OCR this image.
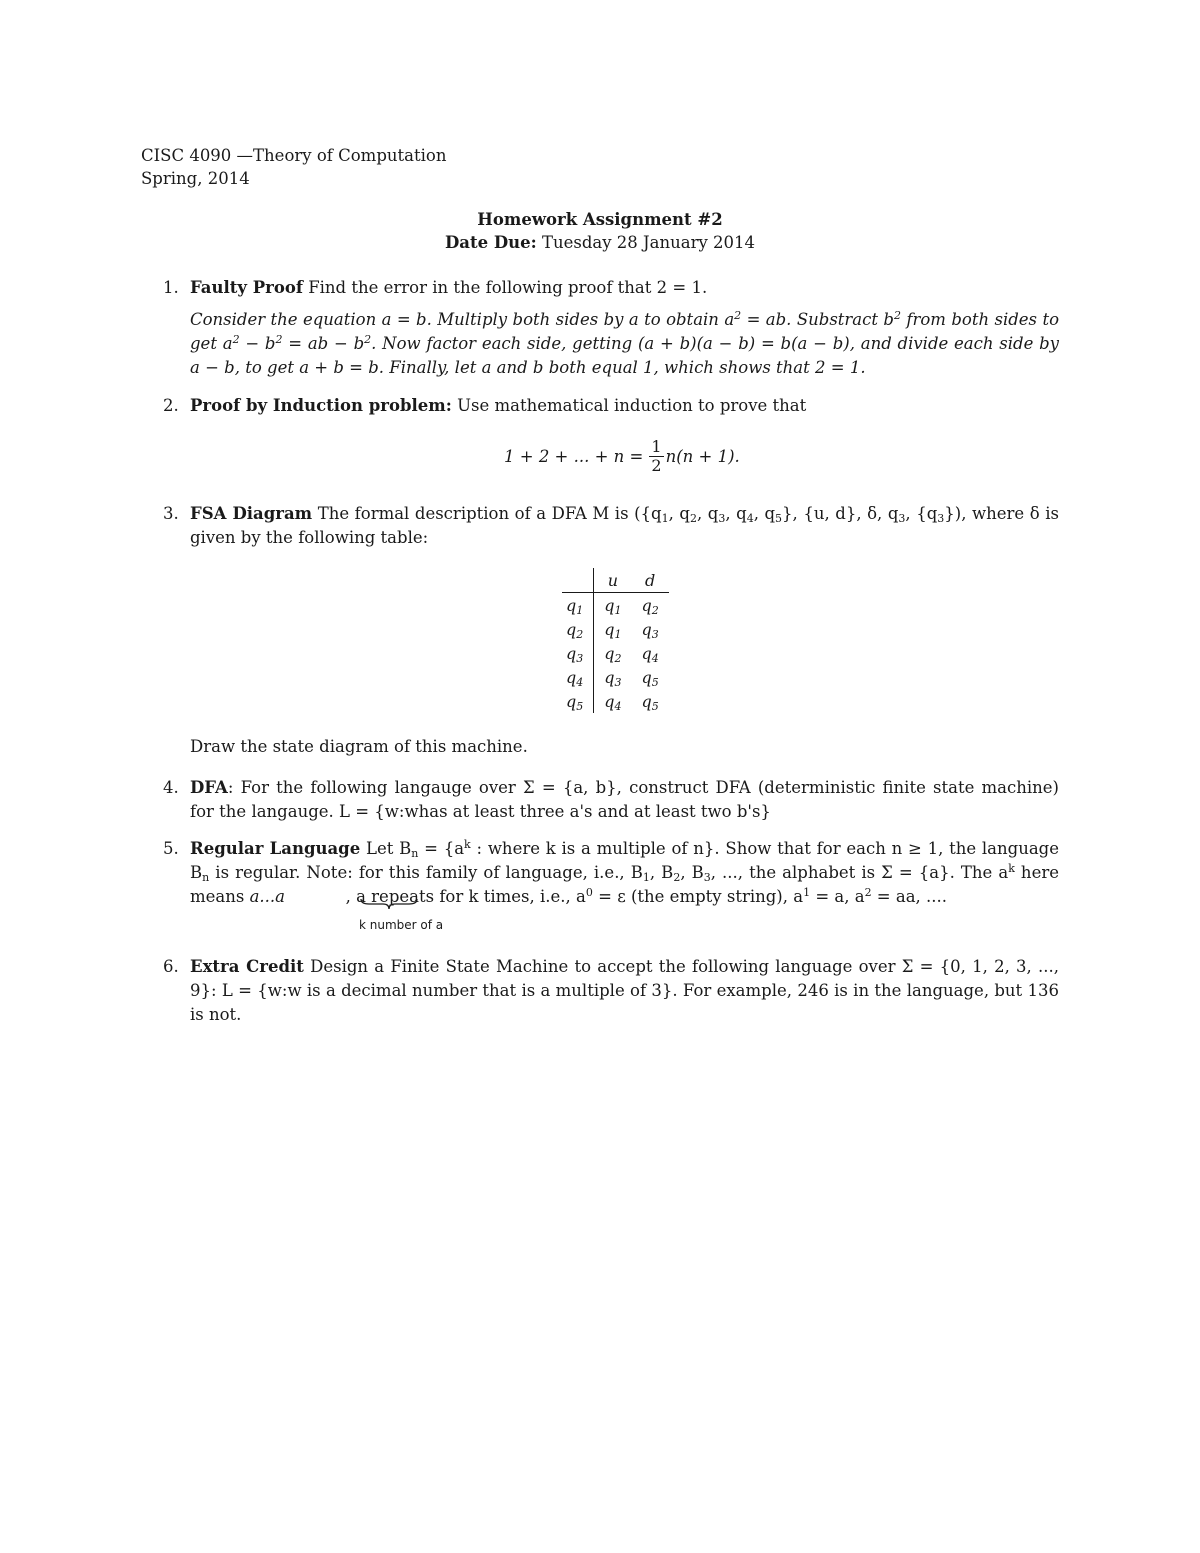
CISC 4090 —Theory of Computation
Spring, 2014
Homework Assignment #2
Date Due: Tuesday 28 January 2014
1. Faulty Proof Find the error in the following proof that 2 = 1.
Consider the equation a = b. Multiply both sides by a to obtain $a^2$ = ab. Substract $b^2$ from both sides to get $a^2 - b^2$ = ab − $b^2$. Now factor each side, getting (a + b)(a − b) = b(a − b), and divide each side by a − b, to get a + b = b. Finally, let a and b both equal 1, which shows that 2 = 1.
2. Proof by Induction problem: Use mathematical induction to prove that
1 + 2 + ... + $n = \frac{1}{2} n(n + 1)$.
3. FSA Diagram The formal description of a DFA M is ({$q_1$, $q_2$, $q_3$, $q_4$, $q_5$}, {u, d}, δ, $q_3$, $\{q_3\}$), where δ is given by the following table:
	u	d
$q_1$	$q_1$	$q_2$
$q_2$	$q_1$	$q_3$
$q_3$	$q_2$	$q_4$
$q_4$	$q_3$	$q_5$
$q_5$	$q_4$	$q_5$
Draw the state diagram of this machine.
4. DFA: For the following langauge over Σ = {a, b}, construct DFA (deterministic finite state machine) for the langauge. L = {w:whas at least three a's and at least two b's}
5. Regular Language Let $B_n = \{a^k$ : where k is a multiple of n}. Show that for each n ≥ 1, the language $B_n$ is regular. Note: for this family of language, i.e., $B_1$, $B_2$, $B_3$, ..., the alphabet is Σ = {a}. The $a^k$ here means a...a	, a repeats for k times, i.e., $a^0 = \varepsilon$ (the empty string), $a^1 = a$, $a^2$ = aa, ....
k number of a
6. Extra Credit Design a Finite State Machine to accept the following language over Σ = {0, 1, 2, 3, ..., 9}: L = {w:w is a decimal number that is a multiple of 3}. For example, 246 is in the language, but 136 is not.
